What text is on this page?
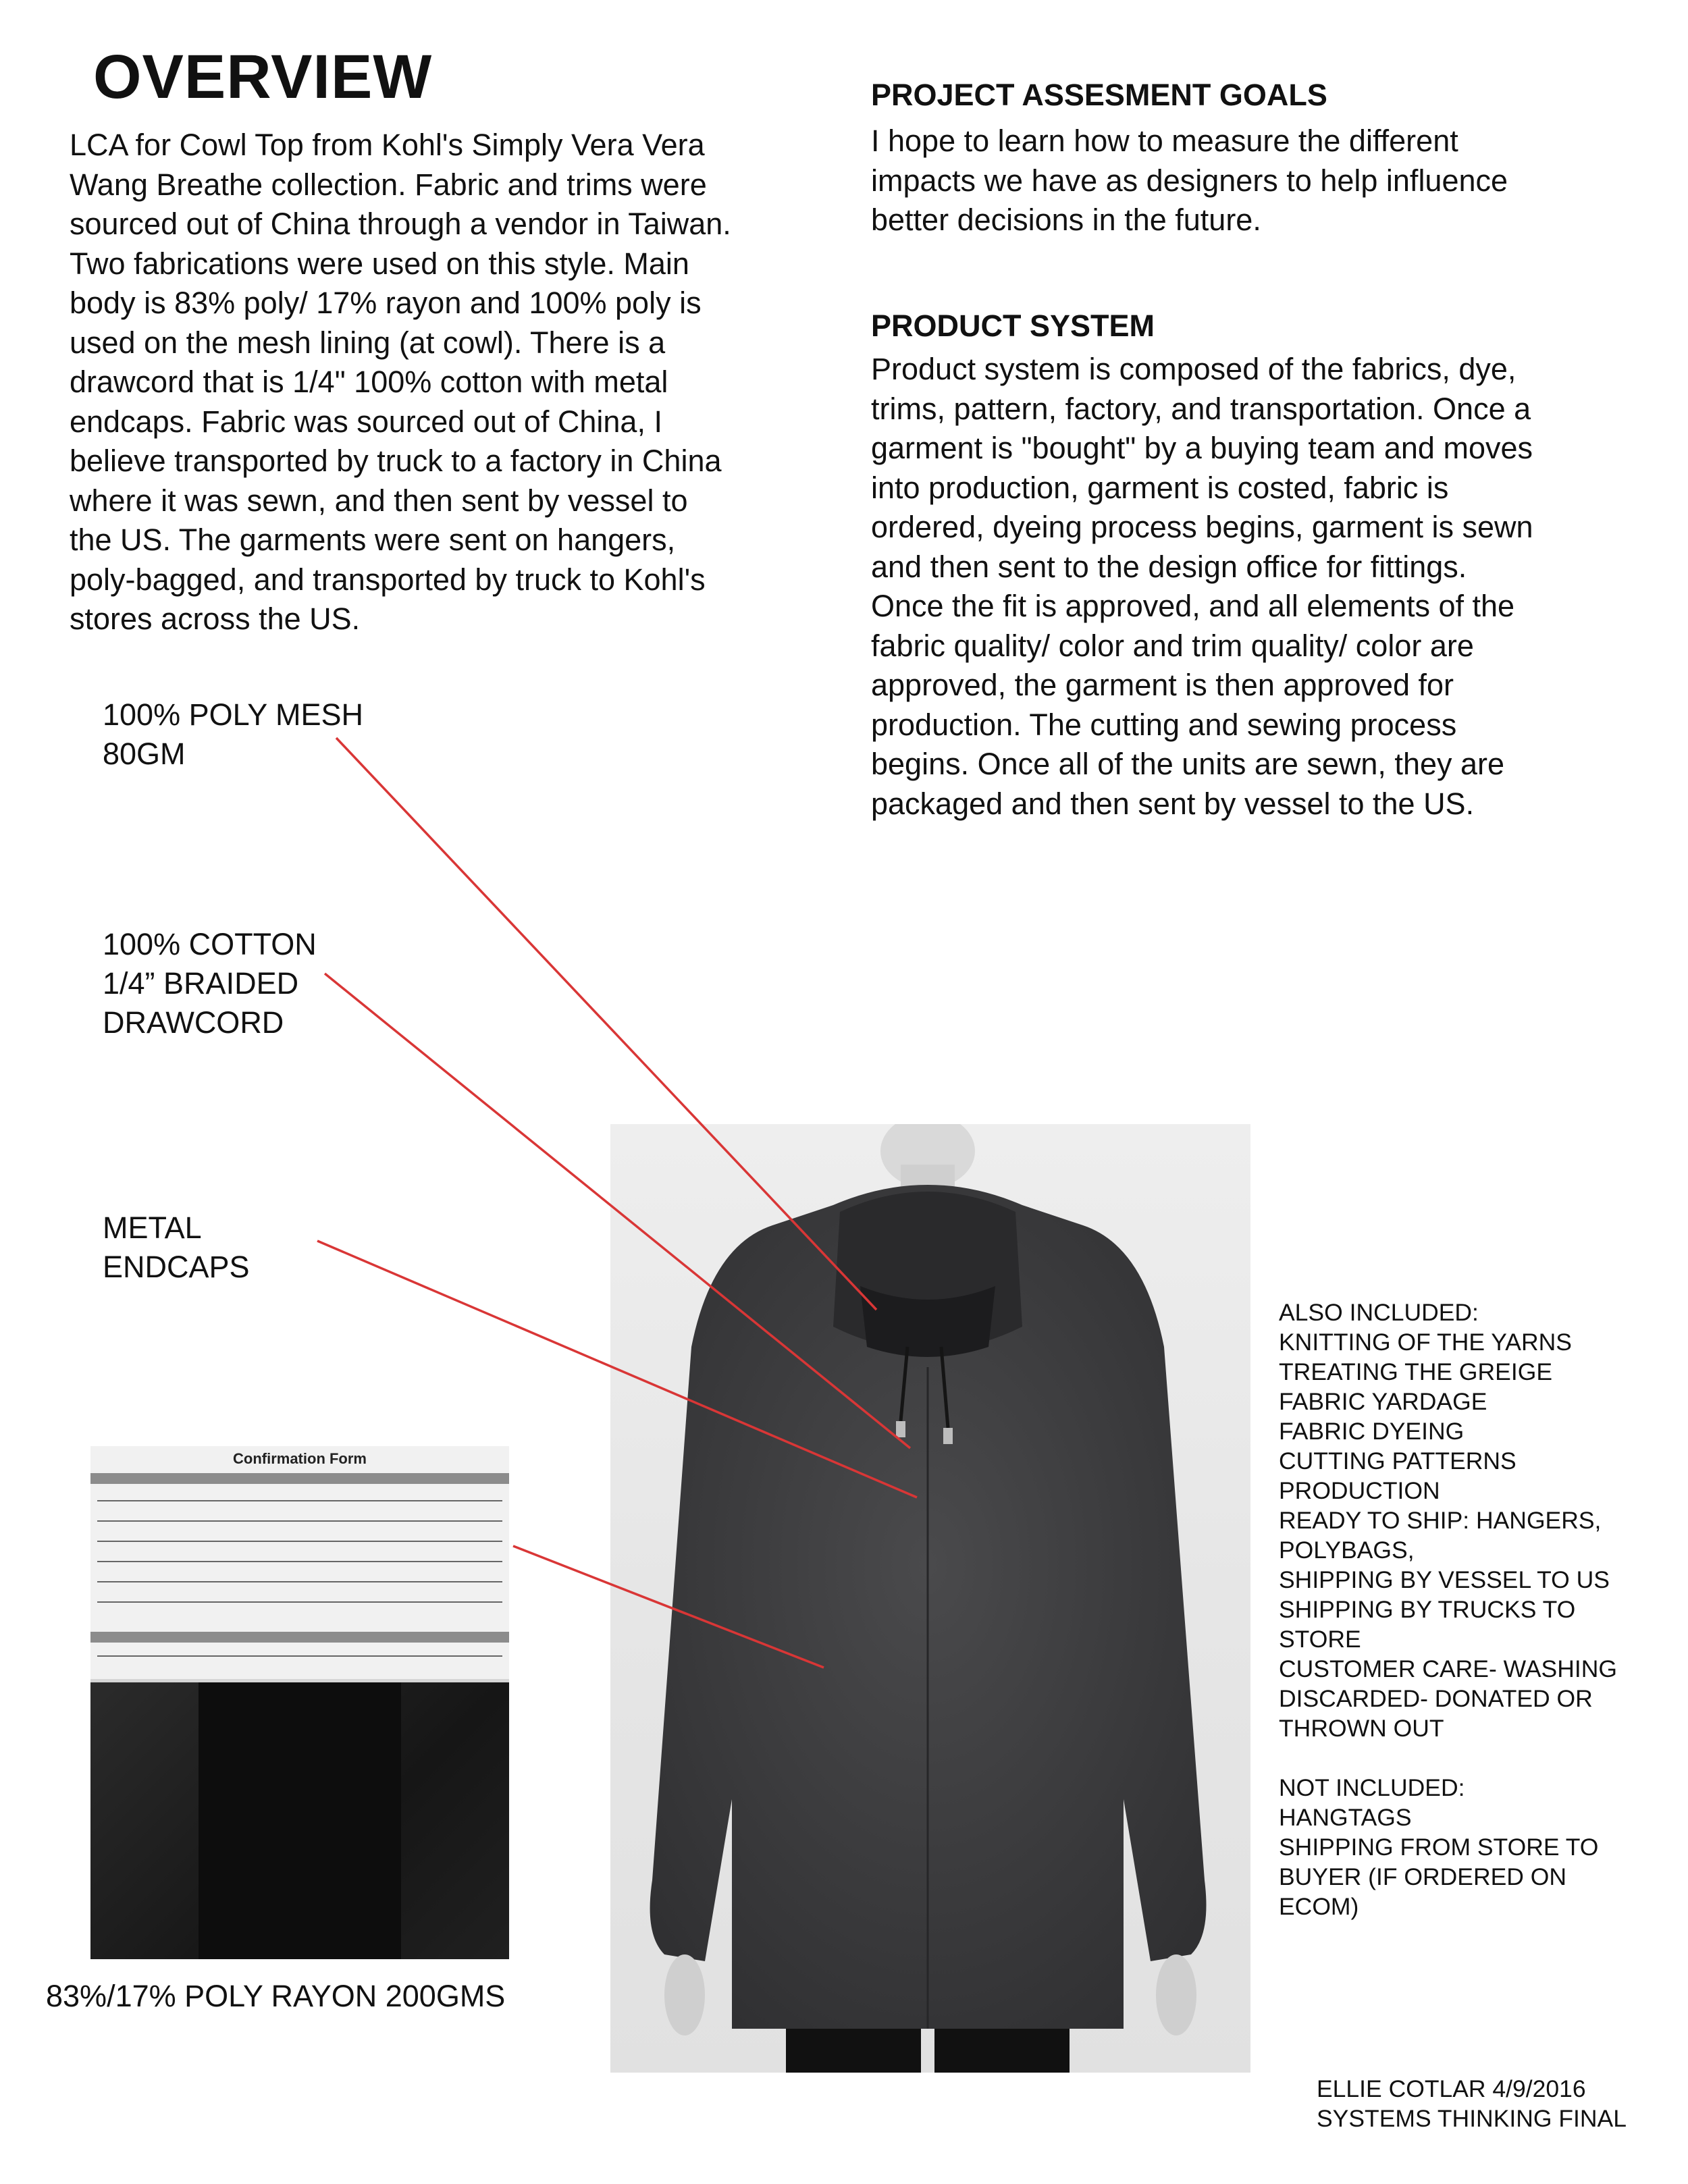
OVERVIEW
LCA for Cowl Top from Kohl's Simply Vera Vera
Wang Breathe collection. Fabric and trims were
sourced out of China through a vendor in Taiwan.
Two fabrications were used on this style. Main
body is 83% poly/ 17% rayon and 100% poly is
used on the mesh lining (at cowl). There is a
drawcord that is 1/4" 100% cotton with metal
endcaps. Fabric was sourced out of China, I
believe transported by truck to a factory in China
where it was sewn, and then sent by vessel to
the US. The garments were sent on hangers,
poly-bagged, and transported by truck to Kohl's
stores across the US.
PROJECT ASSESMENT GOALS
I hope to learn how to measure the different
impacts we have as designers to help influence
better decisions in the future.
PRODUCT SYSTEM
Product system is composed of the fabrics, dye,
trims, pattern, factory, and transportation. Once a
garment is "bought" by a buying team and moves
into production, garment is costed, fabric is
ordered, dyeing process begins, garment is sewn
and then sent to the design office for fittings.
Once the fit is approved, and all elements of the
fabric quality/ color and trim quality/ color are
approved, the garment is then approved for
production. The cutting and sewing process
begins. Once all of the units are sewn, they are
packaged and then sent by vessel to the US.
100% POLY MESH
80GM
100% COTTON
1/4” BRAIDED
DRAWCORD
METAL
ENDCAPS
Confirmation Form
83%/17% POLY RAYON 200GMS
ALSO INCLUDED:
KNITTING OF THE YARNS
TREATING THE GREIGE
FABRIC YARDAGE
FABRIC DYEING
CUTTING PATTERNS
PRODUCTION
READY TO SHIP: HANGERS,
POLYBAGS,
SHIPPING BY VESSEL TO US
SHIPPING BY TRUCKS TO
STORE
CUSTOMER CARE- WASHING
DISCARDED- DONATED OR
THROWN OUT
NOT INCLUDED:
HANGTAGS
SHIPPING FROM STORE TO
BUYER (IF ORDERED ON
ECOM)
ELLIE COTLAR 4/9/2016
SYSTEMS THINKING FINAL
